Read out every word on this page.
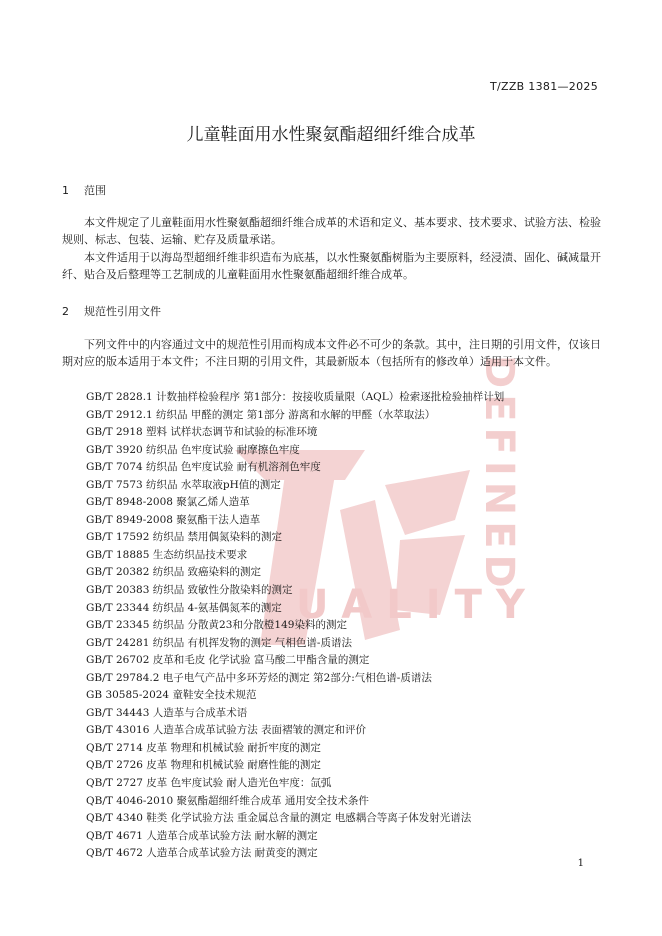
DEFINED
UALITY
T/ZZB 1381—2025
儿童鞋面用水性聚氨酯超细纤维合成革
1 范围
本文件规定了儿童鞋面用水性聚氨酯超细纤维合成革的术语和定义、基本要求、技术要求、试验方法、检验规则、标志、包装、运输、贮存及质量承诺。
本文件适用于以海岛型超细纤维非织造布为底基，以水性聚氨酯树脂为主要原料，经浸渍、固化、碱减量开纤、贴合及后整理等工艺制成的儿童鞋面用水性聚氨酯超细纤维合成革。
2 规范性引用文件
下列文件中的内容通过文中的规范性引用而构成本文件必不可少的条款。其中，注日期的引用文件，仅该日期对应的版本适用于本文件；不注日期的引用文件，其最新版本（包括所有的修改单）适用于本文件。
GB/T 2828.1 计数抽样检验程序 第1部分：按接收质量限（AQL）检索逐批检验抽样计划
GB/T 2912.1 纺织品 甲醛的测定 第1部分 游离和水解的甲醛（水萃取法）
GB/T 2918 塑料 试样状态调节和试验的标准环境
GB/T 3920 纺织品 色牢度试验 耐摩擦色牢度
GB/T 7074 纺织品 色牢度试验 耐有机溶剂色牢度
GB/T 7573 纺织品 水萃取液pH值的测定
GB/T 8948-2008 聚氯乙烯人造革
GB/T 8949-2008 聚氨酯干法人造革
GB/T 17592 纺织品 禁用偶氮染料的测定
GB/T 18885 生态纺织品技术要求
GB/T 20382 纺织品 致癌染料的测定
GB/T 20383 纺织品 致敏性分散染料的测定
GB/T 23344 纺织品 4-氨基偶氮苯的测定
GB/T 23345 纺织品 分散黄23和分散橙149染料的测定
GB/T 24281 纺织品 有机挥发物的测定 气相色谱-质谱法
GB/T 26702 皮革和毛皮 化学试验 富马酸二甲酯含量的测定
GB/T 29784.2 电子电气产品中多环芳烃的测定 第2部分:气相色谱-质谱法
GB 30585-2024 童鞋安全技术规范
GB/T 34443 人造革与合成革术语
GB/T 43016 人造革合成革试验方法 表面褶皱的测定和评价
QB/T 2714 皮革 物理和机械试验 耐折牢度的测定
QB/T 2726 皮革 物理和机械试验 耐磨性能的测定
QB/T 2727 皮革 色牢度试验 耐人造光色牢度：氙弧
QB/T 4046-2010 聚氨酯超细纤维合成革 通用安全技术条件
QB/T 4340 鞋类 化学试验方法 重金属总含量的测定 电感耦合等离子体发射光谱法
QB/T 4671 人造革合成革试验方法 耐水解的测定
QB/T 4672 人造革合成革试验方法 耐黄变的测定
1
